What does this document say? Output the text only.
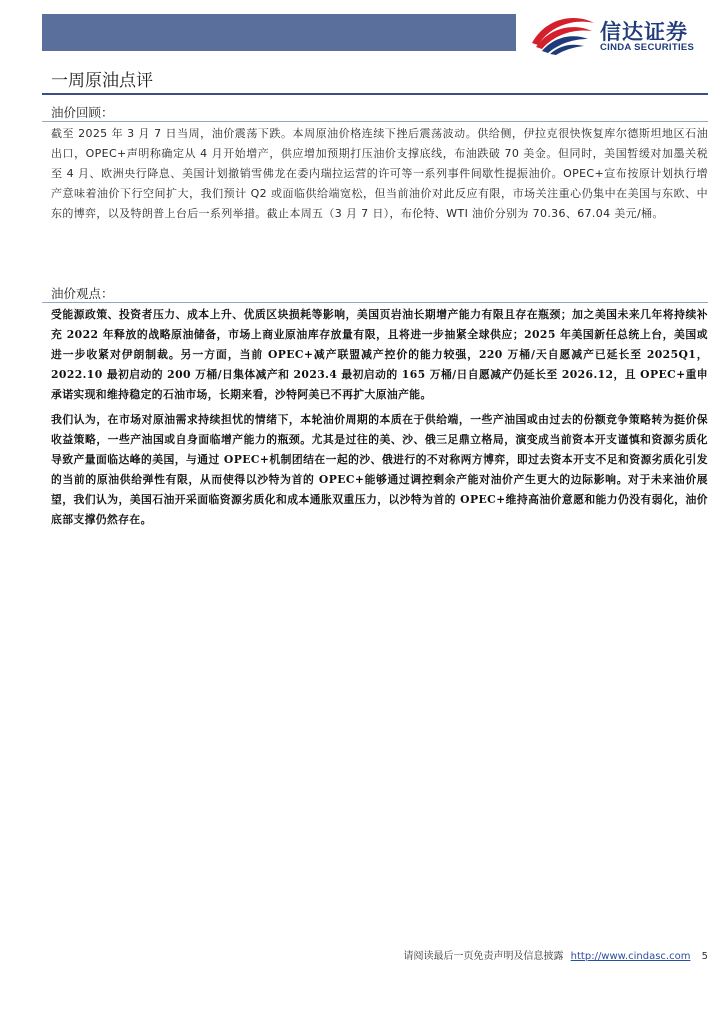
信达证券
CINDA SECURITIES
一周原油点评
油价回顾：
截至 2025 年 3 月 7 日当周，油价震荡下跌。本周原油价格连续下挫后震荡波动。供给侧，伊拉克很快恢复库尔德斯坦地区石油出口，OPEC+声明称确定从 4 月开始增产，供应增加预期打压油价支撑底线，布油跌破 70 美金。但同时，美国暂缓对加墨关税至 4 月、欧洲央行降息、美国计划撤销雪佛龙在委内瑞拉运营的许可等一系列事件间歇性提振油价。OPEC+宣布按原计划执行增产意味着油价下行空间扩大，我们预计 Q2 或面临供给端宽松，但当前油价对此反应有限，市场关注重心仍集中在美国与东欧、中东的博弈，以及特朗普上台后一系列举措。截止本周五（3 月 7 日），布伦特、WTI 油价分别为 70.36、67.04 美元/桶。
油价观点：
受能源政策、投资者压力、成本上升、优质区块损耗等影响，美国页岩油长期增产能力有限且存在瓶颈；加之美国未来几年将持续补充 2022 年释放的战略原油储备，市场上商业原油库存放量有限，且将进一步抽紧全球供应；2025 年美国新任总统上台，美国或进一步收紧对伊朗制裁。另一方面，当前 OPEC+减产联盟减产控价的能力较强，220 万桶/天自愿减产已延长至 2025Q1，2022.10 最初启动的 200 万桶/日集体减产和 2023.4 最初启动的 165 万桶/日自愿减产仍延长至 2026.12，且 OPEC+重申承诺实现和维持稳定的石油市场，长期来看，沙特阿美已不再扩大原油产能。
我们认为，在市场对原油需求持续担忧的情绪下，本轮油价周期的本质在于供给端，一些产油国或由过去的份额竞争策略转为挺价保收益策略，一些产油国或自身面临增产能力的瓶颈。尤其是过往的美、沙、俄三足鼎立格局，演变成当前资本开支谨慎和资源劣质化导致产量面临达峰的美国，与通过 OPEC+机制团结在一起的沙、俄进行的不对称两方博弈，即过去资本开支不足和资源劣质化引发的当前的原油供给弹性有限，从而使得以沙特为首的 OPEC+能够通过调控剩余产能对油价产生更大的边际影响。对于未来油价展望，我们认为，美国石油开采面临资源劣质化和成本通胀双重压力，以沙特为首的 OPEC+维持高油价意愿和能力仍没有弱化，油价底部支撑仍然存在。
请阅读最后一页免责声明及信息披露 http://www.cindasc.com 5
